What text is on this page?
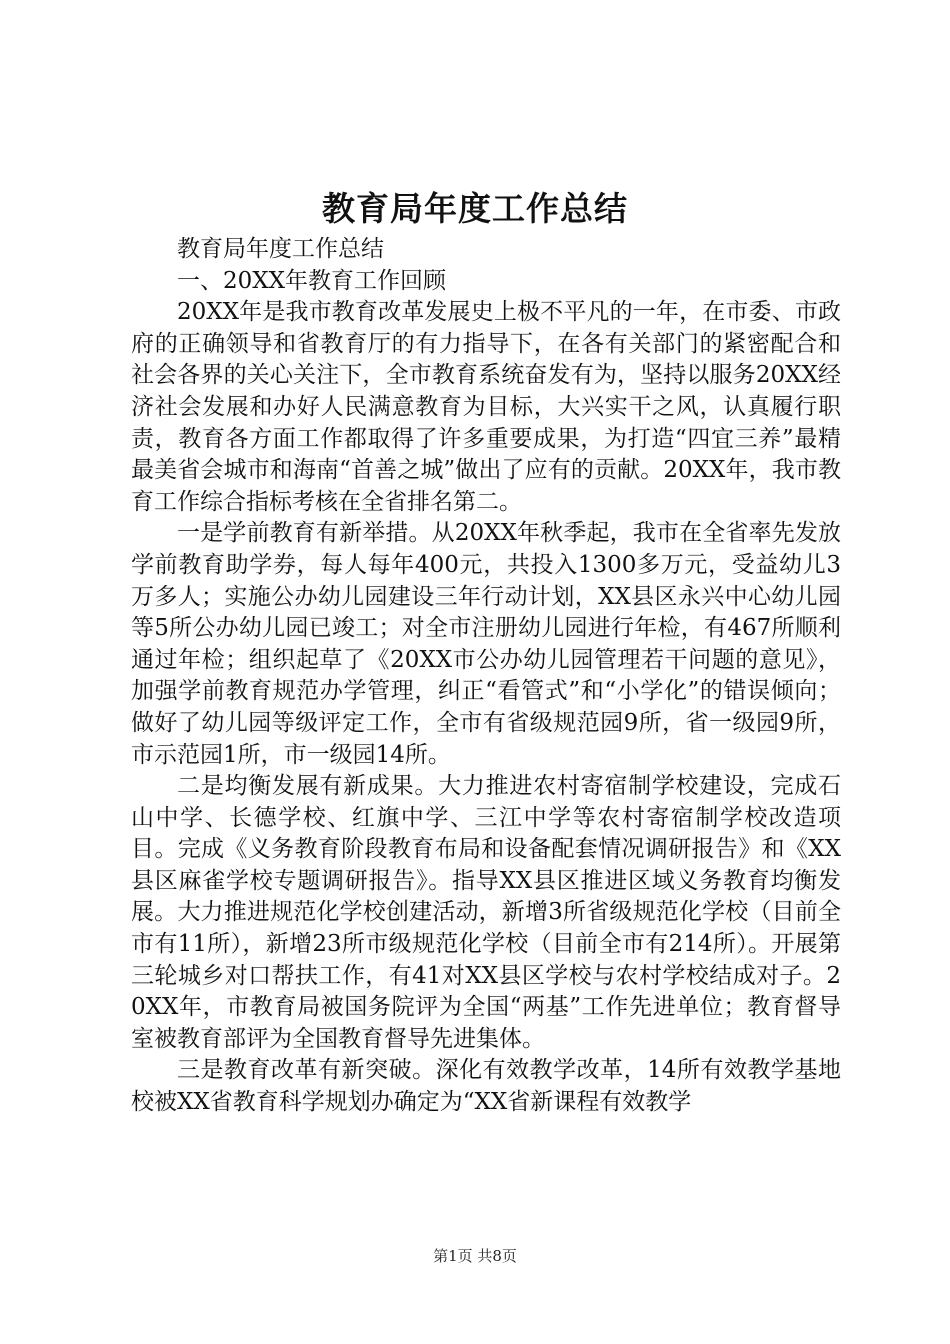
教育局年度工作总结

教育局年度工作总结

一、20XX年教育工作回顾

20XX年是我市教育改革发展史上极不平凡的一年，在市委、市政府的正确领导和省教育厅的有力指导下，在各有关部门的紧密配合和社会各界的关心关注下，全市教育系统奋发有为，坚持以服务20XX经济社会发展和办好人民满意教育为目标，大兴实干之风，认真履行职责，教育各方面工作都取得了许多重要成果，为打造“四宜三养”最精最美省会城市和海南“首善之城”做出了应有的贡献。20XX年，我市教育工作综合指标考核在全省排名第二。

一是学前教育有新举措。从20XX年秋季起，我市在全省率先发放学前教育助学券，每人每年400元，共投入1300多万元，受益幼儿3万多人；实施公办幼儿园建设三年行动计划，XX县区永兴中心幼儿园等5所公办幼儿园已竣工；对全市注册幼儿园进行年检，有467所顺利通过年检；组织起草了《20XX市公办幼儿园管理若干问题的意见》，加强学前教育规范办学管理，纠正“看管式”和“小学化”的错误倾向；做好了幼儿园等级评定工作，全市有省级规范园9所，省一级园9所，市示范园1所，市一级园14所。

二是均衡发展有新成果。大力推进农村寄宿制学校建设，完成石山中学、长德学校、红旗中学、三江中学等农村寄宿制学校改造项目。完成《义务教育阶段教育布局和设备配套情况调研报告》和《XX县区麻雀学校专题调研报告》。指导XX县区推进区域义务教育均衡发展。大力推进规范化学校创建活动，新增3所省级规范化学校（目前全市有11所），新增23所市级规范化学校（目前全市有214所）。开展第三轮城乡对口帮扶工作，有41对XX县区学校与农村学校结成对子。20XX年，市教育局被国务院评为全国“两基”工作先进单位；教育督导室被教育部评为全国教育督导先进集体。

三是教育改革有新突破。深化有效教学改革，14所有效教学基地校被XX省教育科学规划办确定为“XX省新课程有效教学

第1页 共8页
